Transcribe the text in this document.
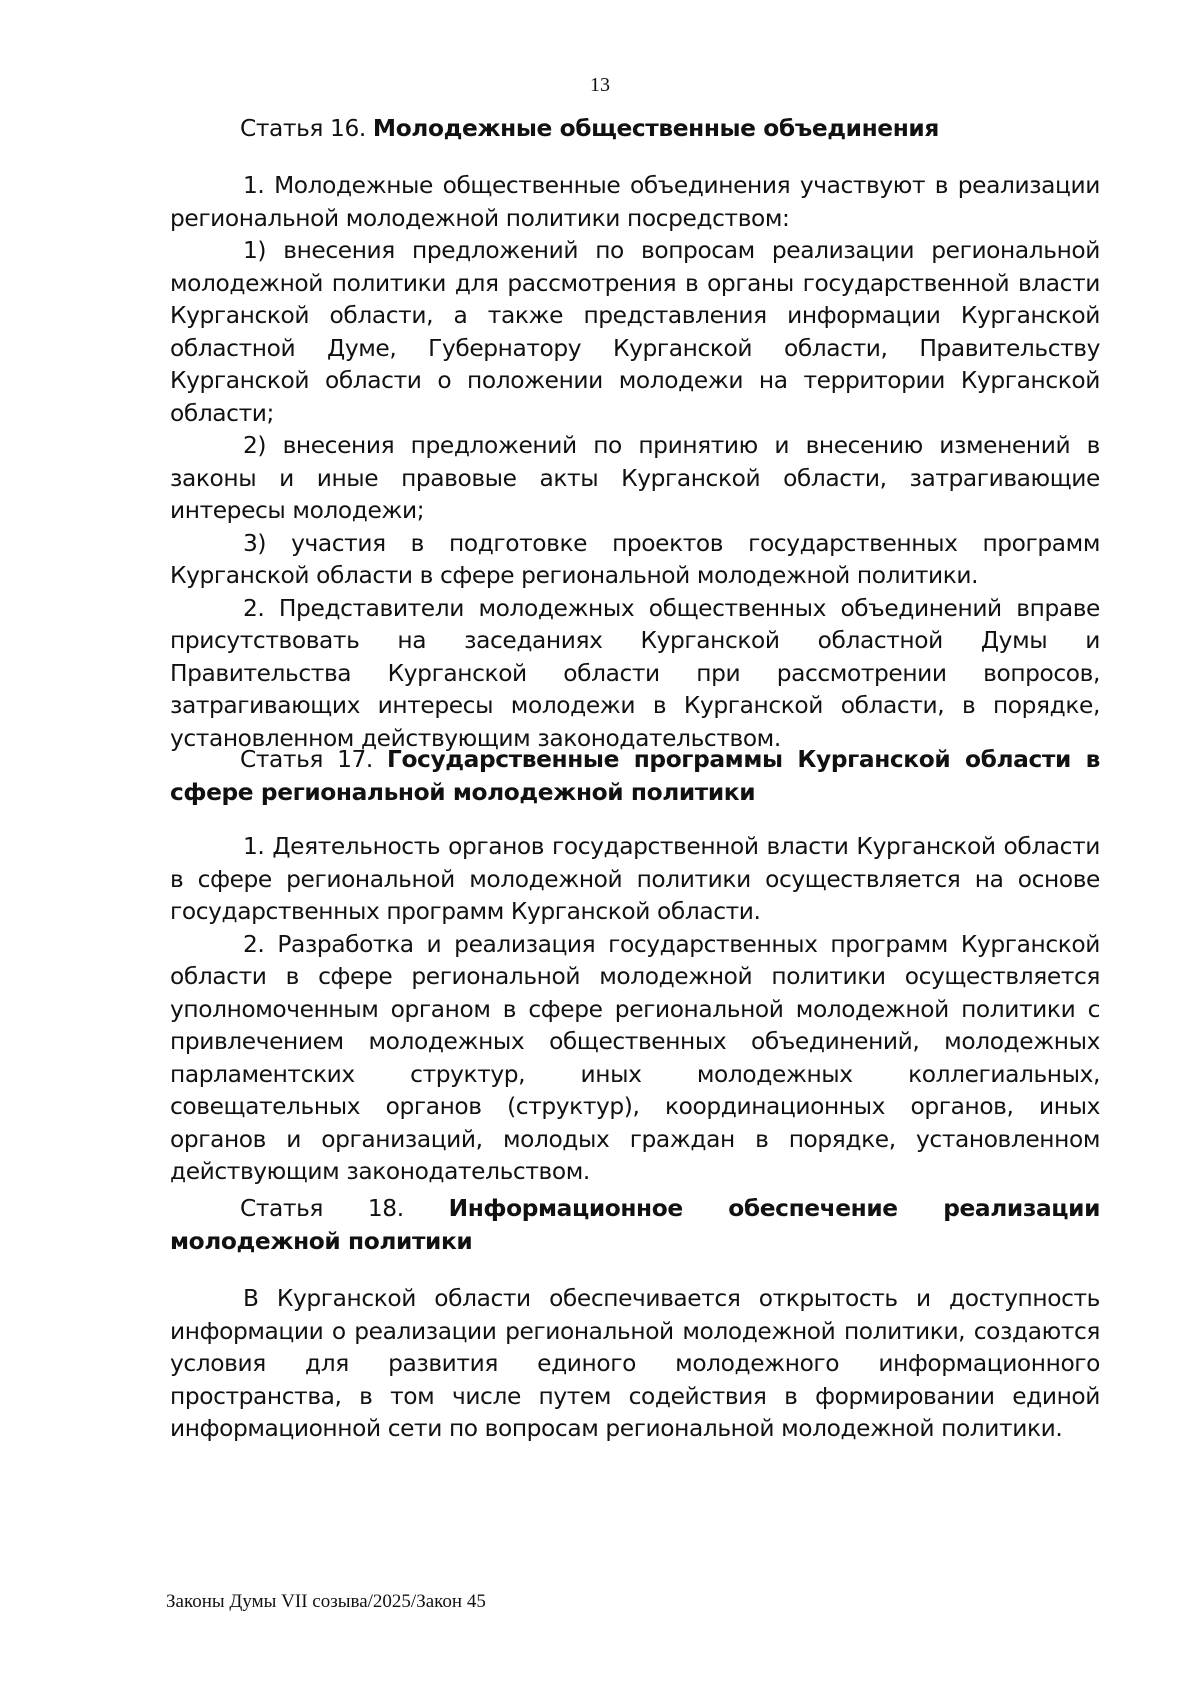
13
Статья 16. Молодежные общественные объединения

1. Молодежные общественные объединения участвуют в реализации региональной молодежной политики посредством:

1) внесения предложений по вопросам реализации региональной молодежной политики для рассмотрения в органы государственной власти Курганской области, а также представления информации Курганской областной Думе, Губернатору Курганской области, Правительству Курганской области о положении молодежи на территории Курганской области;

2) внесения предложений по принятию и внесению изменений в законы и иные правовые акты Курганской области, затрагивающие интересы молодежи;

3) участия в подготовке проектов государственных программ Курганской области в сфере региональной молодежной политики.

2. Представители молодежных общественных объединений вправе присутствовать на заседаниях Курганской областной Думы и Правительства Курганской области при рассмотрении вопросов, затрагивающих интересы молодежи в Курганской области, в порядке, установленном действующим законодательством.

Статья 17. Государственные программы Курганской области в сфере региональной молодежной политики

1. Деятельность органов государственной власти Курганской области в сфере региональной молодежной политики осуществляется на основе государственных программ Курганской области.

2. Разработка и реализация государственных программ Курганской области в сфере региональной молодежной политики осуществляется уполномоченным органом в сфере региональной молодежной политики с привлечением молодежных общественных объединений, молодежных парламентских структур, иных молодежных коллегиальных, совещательных органов (структур), координационных органов, иных органов и организаций, молодых граждан в порядке, установленном действующим законодательством.

Статья 18. Информационное обеспечение реализации молодежной политики

В Курганской области обеспечивается открытость и доступность информации о реализации региональной молодежной политики, создаются условия для развития единого молодежного информационного пространства, в том числе путем содействия в формировании единой информационной сети по вопросам региональной молодежной политики.

Законы Думы VII созыва/2025/Закон 45
